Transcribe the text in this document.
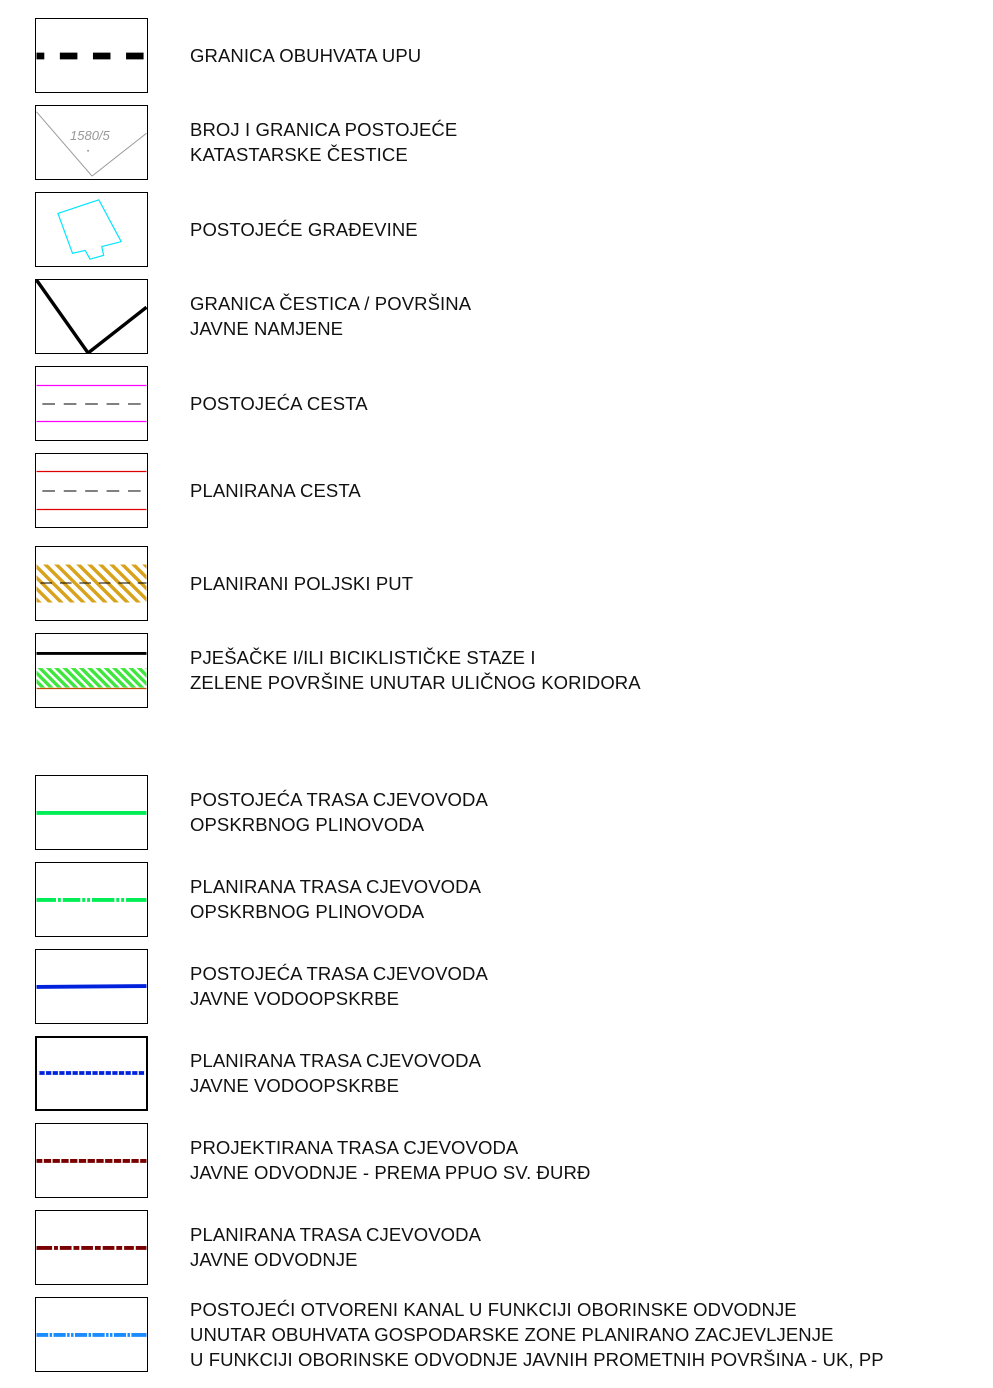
GRANICA OBUHVATA UPU
1580/5	BROJ I GRANICA POSTOJEĆE
KATASTARSKE ČESTICE
POSTOJEĆE GRAĐEVINE
GRANICA ČESTICA / POVRŠINA
JAVNE NAMJENE
POSTOJEĆA CESTA
PLANIRANA CESTA
PLANIRANI POLJSKI PUT
PJEŠAČKE I/ILI BICIKLISTIČKE STAZE I
ZELENE POVRŠINE UNUTAR ULIČNOG KORIDORA
POSTOJEĆA TRASA CJEVOVODA
OPSKRBNOG PLINOVODA
PLANIRANA TRASA CJEVOVODA
OPSKRBNOG PLINOVODA
POSTOJEĆA TRASA CJEVOVODA
JAVNE VODOOPSKRBE
PLANIRANA TRASA CJEVOVODA
JAVNE VODOOPSKRBE
PROJEKTIRANA TRASA CJEVOVODA
JAVNE ODVODNJE - PREMA PPUO SV. ĐURĐ
PLANIRANA TRASA CJEVOVODA
JAVNE ODVODNJE
POSTOJEĆI OTVORENI KANAL U FUNKCIJI OBORINSKE ODVODNJE
UNUTAR OBUHVATA GOSPODARSKE ZONE PLANIRANO ZACJEVLJENJE
U FUNKCIJI OBORINSKE ODVODNJE JAVNIH PROMETNIH POVRŠINA - UK, PP
